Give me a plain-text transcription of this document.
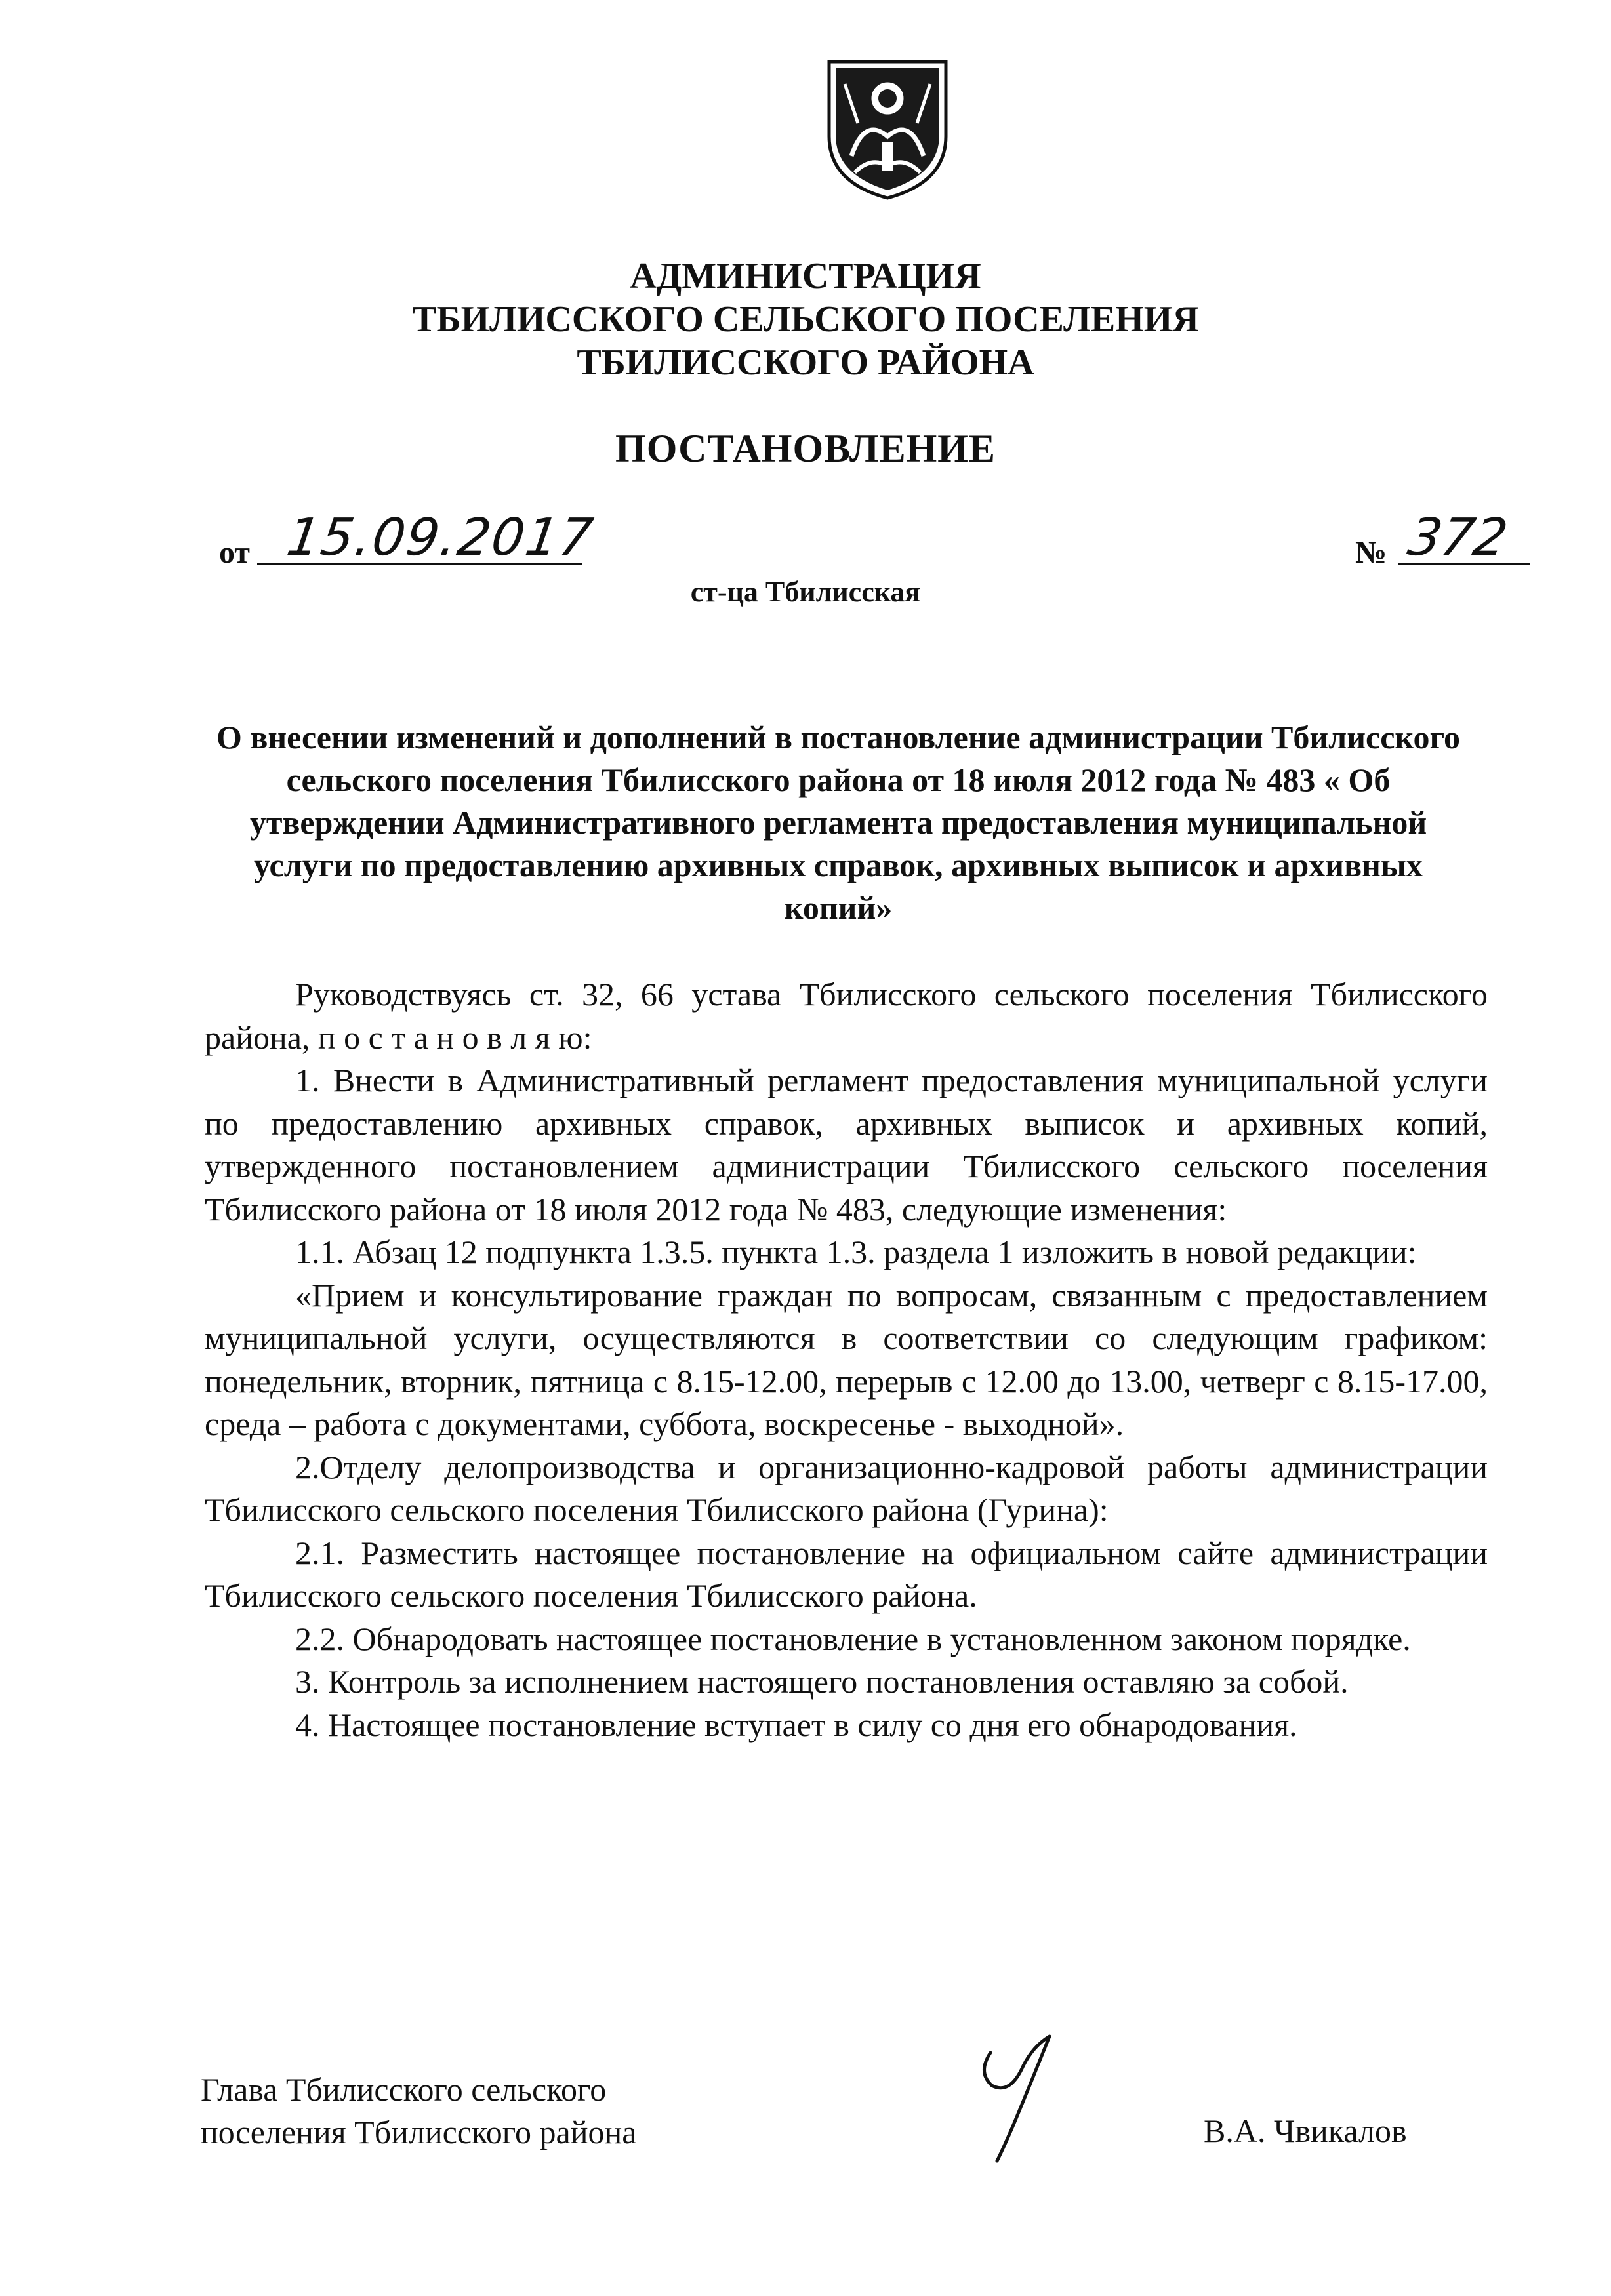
АДМИНИСТРАЦИЯ
ТБИЛИССКОГО СЕЛЬСКОГО ПОСЕЛЕНИЯ
ТБИЛИССКОГО РАЙОНА
ПОСТАНОВЛЕНИЕ
от 15.09.2017	№ 372
ст-ца Тбилисская
О внесении изменений и дополнений в постановление администрации Тбилисского сельского поселения Тбилисского района от 18 июля 2012 года № 483 « Об утверждении Административного регламента предоставления муниципальной услуги по предоставлению архивных справок, архивных выписок и архивных копий»

Руководствуясь ст. 32, 66 устава Тбилисского сельского поселения Тбилисского района, п о с т а н о в л я ю:

1. Внести в Административный регламент предоставления муниципальной услуги по предоставлению архивных справок, архивных выписок и архивных копий, утвержденного постановлением администрации Тбилисского сельского поселения Тбилисского района от 18 июля 2012 года № 483, следующие изменения:

1.1. Абзац 12 подпункта 1.3.5. пункта 1.3. раздела 1 изложить в новой редакции:

«Прием и консультирование граждан по вопросам, связанным с предоставлением муниципальной услуги, осуществляются в соответствии со следующим графиком: понедельник, вторник, пятница с 8.15-12.00, перерыв с 12.00 до 13.00, четверг с 8.15-17.00, среда – работа с документами, суббота, воскресенье - выходной».

2.Отделу делопроизводства и организационно-кадровой работы администрации Тбилисского сельского поселения Тбилисского района (Гурина):

2.1. Разместить настоящее постановление на официальном сайте администрации Тбилисского сельского поселения Тбилисского района.

2.2. Обнародовать настоящее постановление в установленном законом порядке.

3. Контроль за исполнением настоящего постановления оставляю за собой.

4. Настоящее постановление вступает в силу со дня его обнародования.

Глава Тбилисского сельского
поселения Тбилисского района	В.А. Чвикалов
